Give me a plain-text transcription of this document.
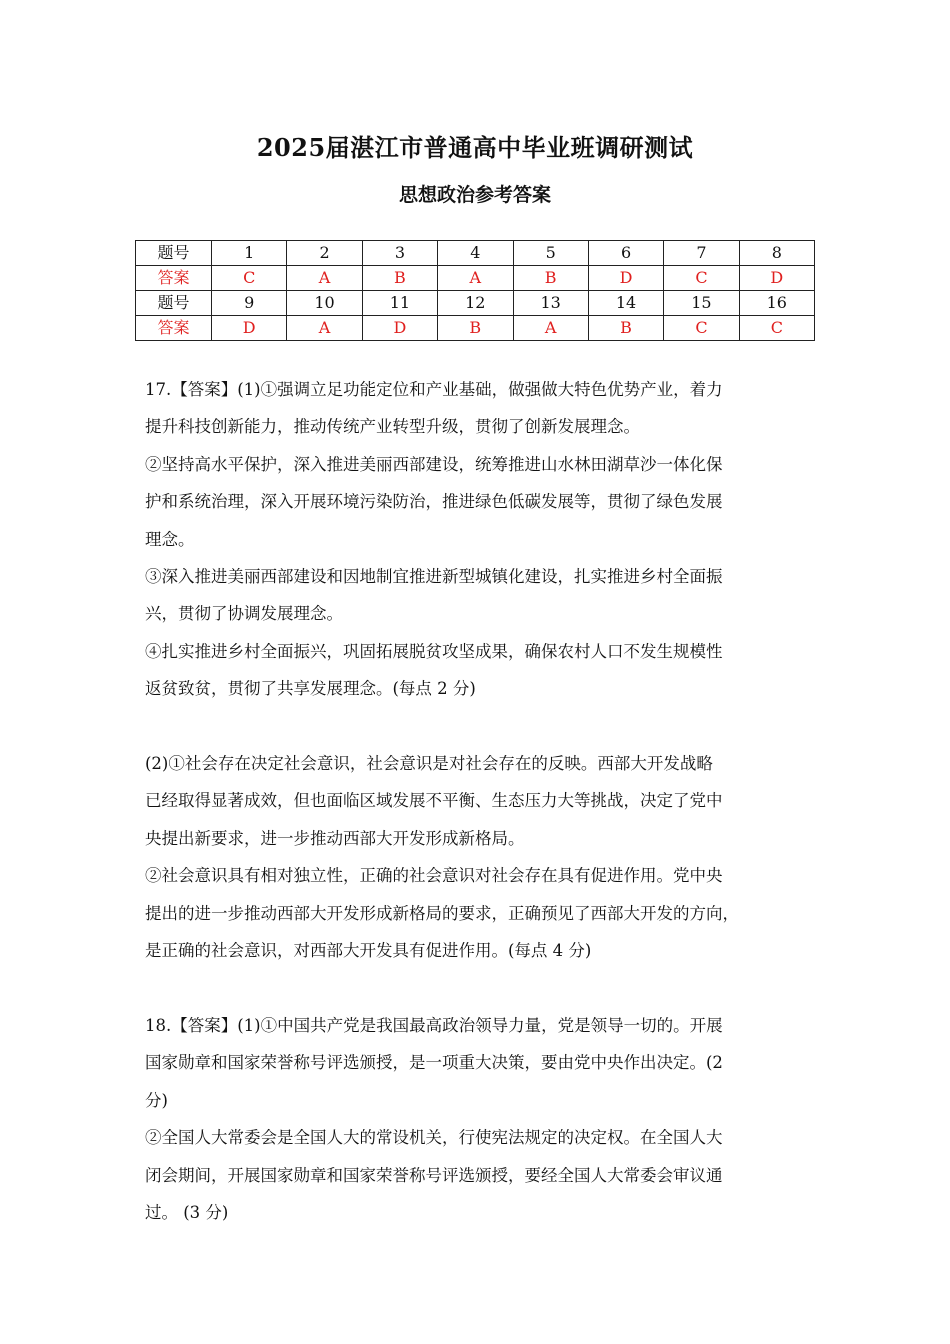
2025届湛江市普通高中毕业班调研测试
思想政治参考答案
题号	1	2	3	4	5	6	7	8
答案	C	A	B	A	B	D	C	D
题号	9	10	11	12	13	14	15	16
答案	D	A	D	B	A	B	C	C

17.【答案】(1)①强调立足功能定位和产业基础，做强做大特色优势产业，着力
提升科技创新能力，推动传统产业转型升级，贯彻了创新发展理念。

②坚持高水平保护，深入推进美丽西部建设，统筹推进山水林田湖草沙一体化保
护和系统治理，深入开展环境污染防治，推进绿色低碳发展等，贯彻了绿色发展
理念。

③深入推进美丽西部建设和因地制宜推进新型城镇化建设，扎实推进乡村全面振
兴，贯彻了协调发展理念。

④扎实推进乡村全面振兴，巩固拓展脱贫攻坚成果，确保农村人口不发生规模性
返贫致贫，贯彻了共享发展理念。(每点 2 分)

(2)①社会存在决定社会意识，社会意识是对社会存在的反映。西部大开发战略
已经取得显著成效，但也面临区域发展不平衡、生态压力大等挑战，决定了党中
央提出新要求，进一步推动西部大开发形成新格局。

②社会意识具有相对独立性，正确的社会意识对社会存在具有促进作用。党中央
提出的进一步推动西部大开发形成新格局的要求，正确预见了西部大开发的方向，
是正确的社会意识，对西部大开发具有促进作用。(每点 4 分)

18.【答案】(1)①中国共产党是我国最高政治领导力量，党是领导一切的。开展
国家勋章和国家荣誉称号评选颁授，是一项重大决策，要由党中央作出决定。(2
分)

②全国人大常委会是全国人大的常设机关，行使宪法规定的决定权。在全国人大
闭会期间，开展国家勋章和国家荣誉称号评选颁授，要经全国人大常委会审议通
过。 (3 分)
